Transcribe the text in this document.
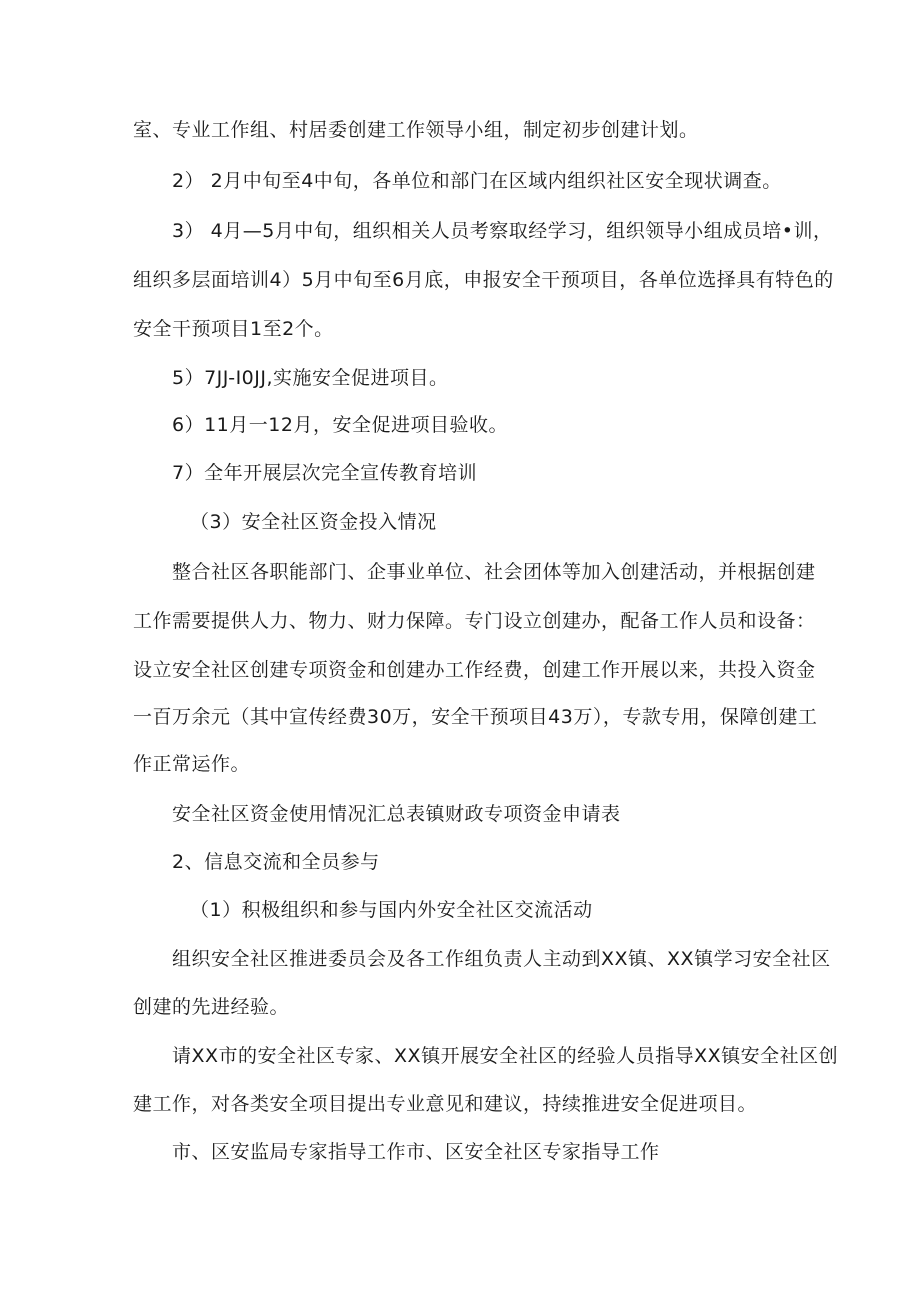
室、专业工作组、村居委创建工作领导小组，制定初步创建计划。
2） 2月中旬至4中旬，各单位和部门在区域内组织社区安全现状调查。
3） 4月—5月中旬，组织相关人员考察取经学习，组织领导小组成员培•训，
组织多层面培训4）5月中旬至6月底，申报安全干预项目，各单位选择具有特色的
安全干预项目1至2个。
5）7JJ-I0JJ,实施安全促进项目。
6）11月一12月，安全促进项目验收。
7）全年开展层次完全宣传教育培训
（3）安全社区资金投入情况
整合社区各职能部门、企事业单位、社会团体等加入创建活动，并根据创建
工作需要提供人力、物力、财力保障。专门设立创建办，配备工作人员和设备：
设立安全社区创建专项资金和创建办工作经费，创建工作开展以来，共投入资金
一百万余元（其中宣传经费30万，安全干预项目43万），专款专用，保障创建工
作正常运作。
安全社区资金使用情况汇总表镇财政专项资金申请表
2、信息交流和全员参与
（1）积极组织和参与国内外安全社区交流活动
组织安全社区推进委员会及各工作组负责人主动到XX镇、XX镇学习安全社区
创建的先进经验。
请XX市的安全社区专家、XX镇开展安全社区的经验人员指导XX镇安全社区创
建工作，对各类安全项目提出专业意见和建议，持续推进安全促进项目。
市、区安监局专家指导工作市、区安全社区专家指导工作
